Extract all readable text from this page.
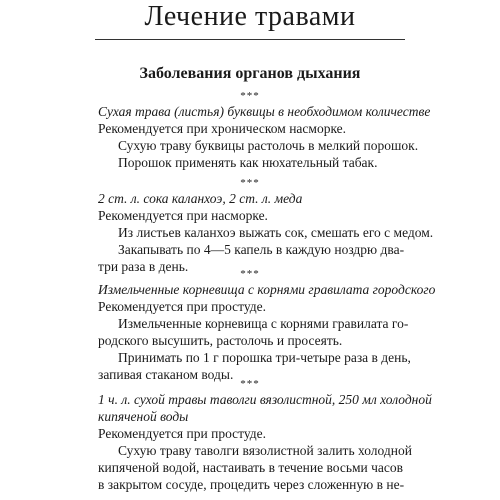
Лечение травами
Заболевания органов дыхания
***
Сухая трава (листья) буквицы в необходимом количестве
Рекомендуется при хроническом насморке.
Сухую траву буквицы растолочь в мелкий порошок.
Порошок применять как нюхательный табак.
***
2 ст. л. сока каланхоэ, 2 ст. л. меда
Рекомендуется при насморке.
Из листьев каланхоэ выжать сок, смешать его с медом.
Закапывать по 4—5 капель в каждую ноздрю два-
три раза в день.	***
Измельченные корневища с корнями гравилата городского
Рекомендуется при простуде.
Измельченные корневища с корнями гравилата го-
родского высушить, растолочь и просеять.
Принимать по 1 г порошка три-четыре раза в день,
запивая стаканом воды.
***
1 ч. л. сухой травы таволги вязолистной, 250 мл холодной
кипяченой воды
Рекомендуется при простуде.
Сухую траву таволги вязолистной залить холодной
кипяченой водой, настаивать в течение восьми часов
в закрытом сосуде, процедить через сложенную в не-
